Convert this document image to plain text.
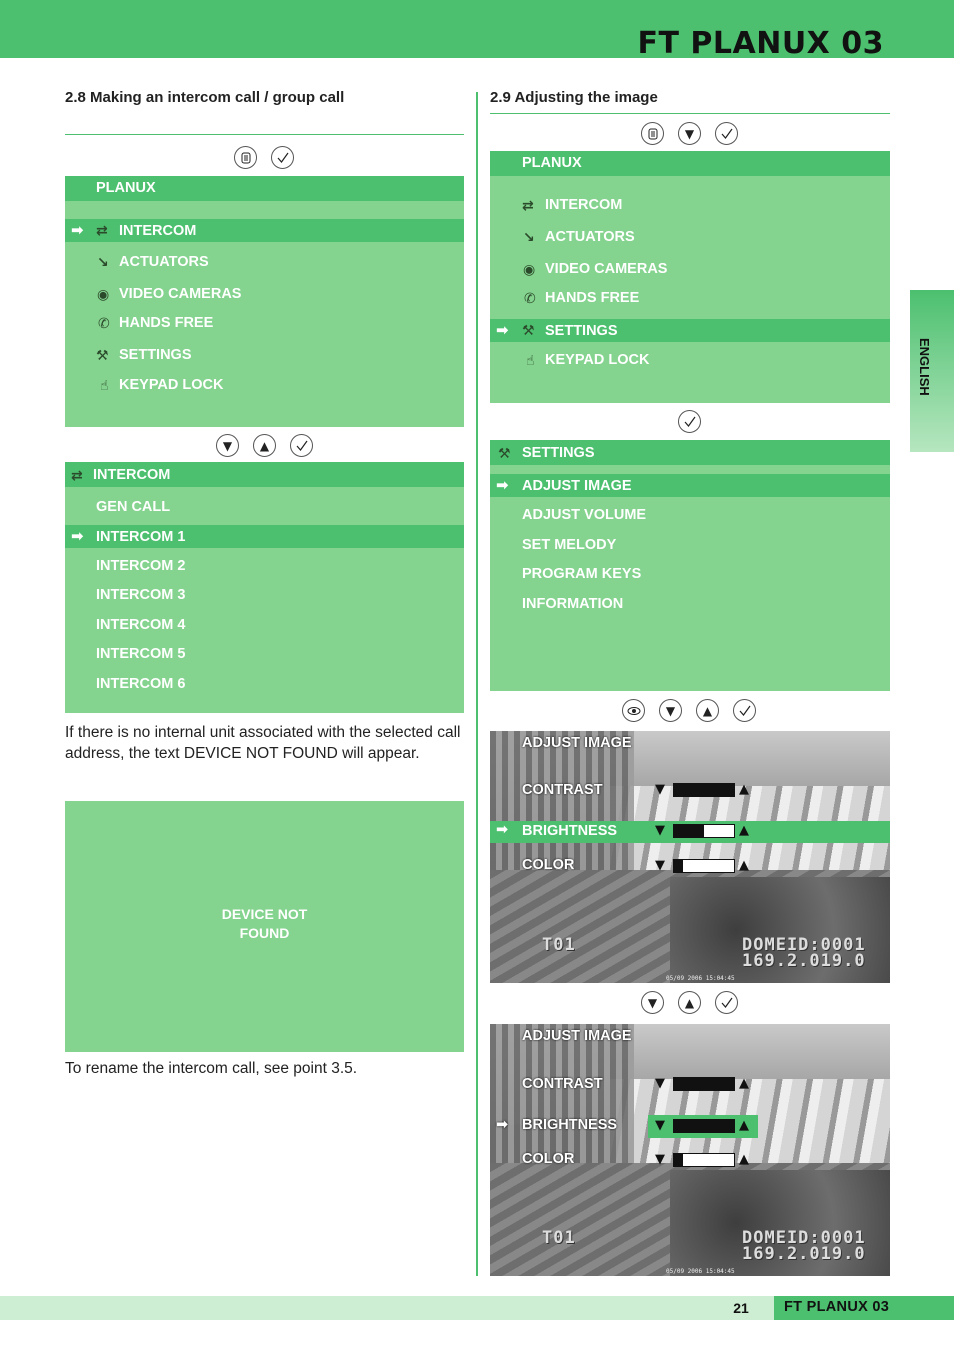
FT PLANUX 03
ENGLISH
2.8 Making an intercom call / group call
PLANUX
➡ ⇄ INTERCOM
↘ ACTUATORS
◉ VIDEO CAMERAS
✆ HANDS FREE
⚒ SETTINGS
☝ KEYPAD LOCK
▼	▲
⇄ INTERCOM
GEN CALL
➡ INTERCOM 1
INTERCOM 2
INTERCOM 3
INTERCOM 4
INTERCOM 5
INTERCOM 6
If there is no internal unit associated with the selected call address, the text DEVICE NOT FOUND will appear.
DEVICE NOT
FOUND
To rename the intercom call, see point 3.5.
2.9 Adjusting the image
▼
PLANUX
⇄ INTERCOM
↘ ACTUATORS
◉ VIDEO CAMERAS
✆ HANDS FREE
➡ ⚒ SETTINGS
☝ KEYPAD LOCK
⚒ SETTINGS
➡ ADJUST IMAGE
ADJUST VOLUME
SET MELODY
PROGRAM KEYS
INFORMATION
▼	▲
ADJUST IMAGE
CONTRAST
➡ BRIGHTNESS
COLOR
▼	▲
▼	▲
▼	▲
T01	DOMEID:0001
169.2.019.0
05/09 2006 15:04:45
▼	▲
ADJUST IMAGE
CONTRAST
➡ BRIGHTNESS
COLOR
▼	▲
▼	▲
▼	▲
T01	DOMEID:0001
169.2.019.0
05/09 2006 15:04:45
21	FT PLANUX 03
